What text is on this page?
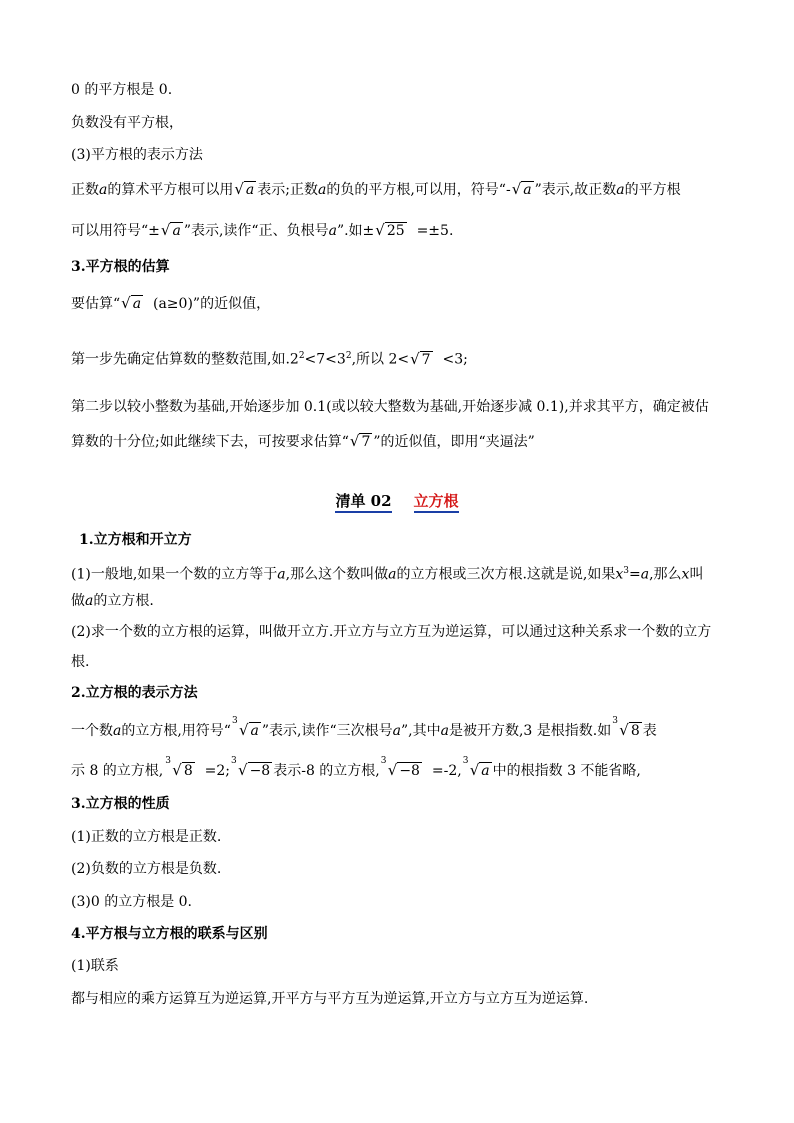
0 的平方根是 0.
负数没有平方根，
(3)平方根的表示方法
正数a的算术平方根可以用√ a 表示;正数a的负的平方根,可以用，符号“-√ a ”表示,故正数a的平方根
可以用符号“±√ a ”表示,读作“正、负根号a”.如±√ 25 =±5.
3.平方根的估算
要估算“√ a (a≥0)”的近似值，
第一步先确定估算数的整数范围,如$.2^2<7<3^2$,所以 2<√ 7 <3;
第二步以较小整数为基础,开始逐步加 0.1(或以较大整数为基础,开始逐步减 0.1),并求其平方，确定被估
算数的十分位;如此继续下去，可按要求估算“√ 7 ”的近似值，即用“夹逼法”
清单 02 立方根
1.立方根和开立方
(1)一般地,如果一个数的立方等于a,那么这个数叫做a的立方根或三次方根.这就是说,如果$x^3=a$,那么x叫
做a的立方根.
(2)求一个数的立方根的运算，叫做开立方.开立方与立方互为逆运算，可以通过这种关系求一个数的立方
根.
2.立方根的表示方法
一个数a的立方根,用符号“
3 √ a ”表示,读作“三次根号a”,其中a是被开方数,3 是根指数.如
3 √ 8 表
示 8 的立方根,
3 √ 8 =2;
3 √ −8 表示-8 的立方根,
3 √ −8 =-2,
3 √ a 中的根指数 3 不能省略,
3.立方根的性质
(1)正数的立方根是正数.
(2)负数的立方根是负数.
(3)0 的立方根是 0.
4.平方根与立方根的联系与区别
(1)联系
都与相应的乘方运算互为逆运算,开平方与平方互为逆运算,开立方与立方互为逆运算.
